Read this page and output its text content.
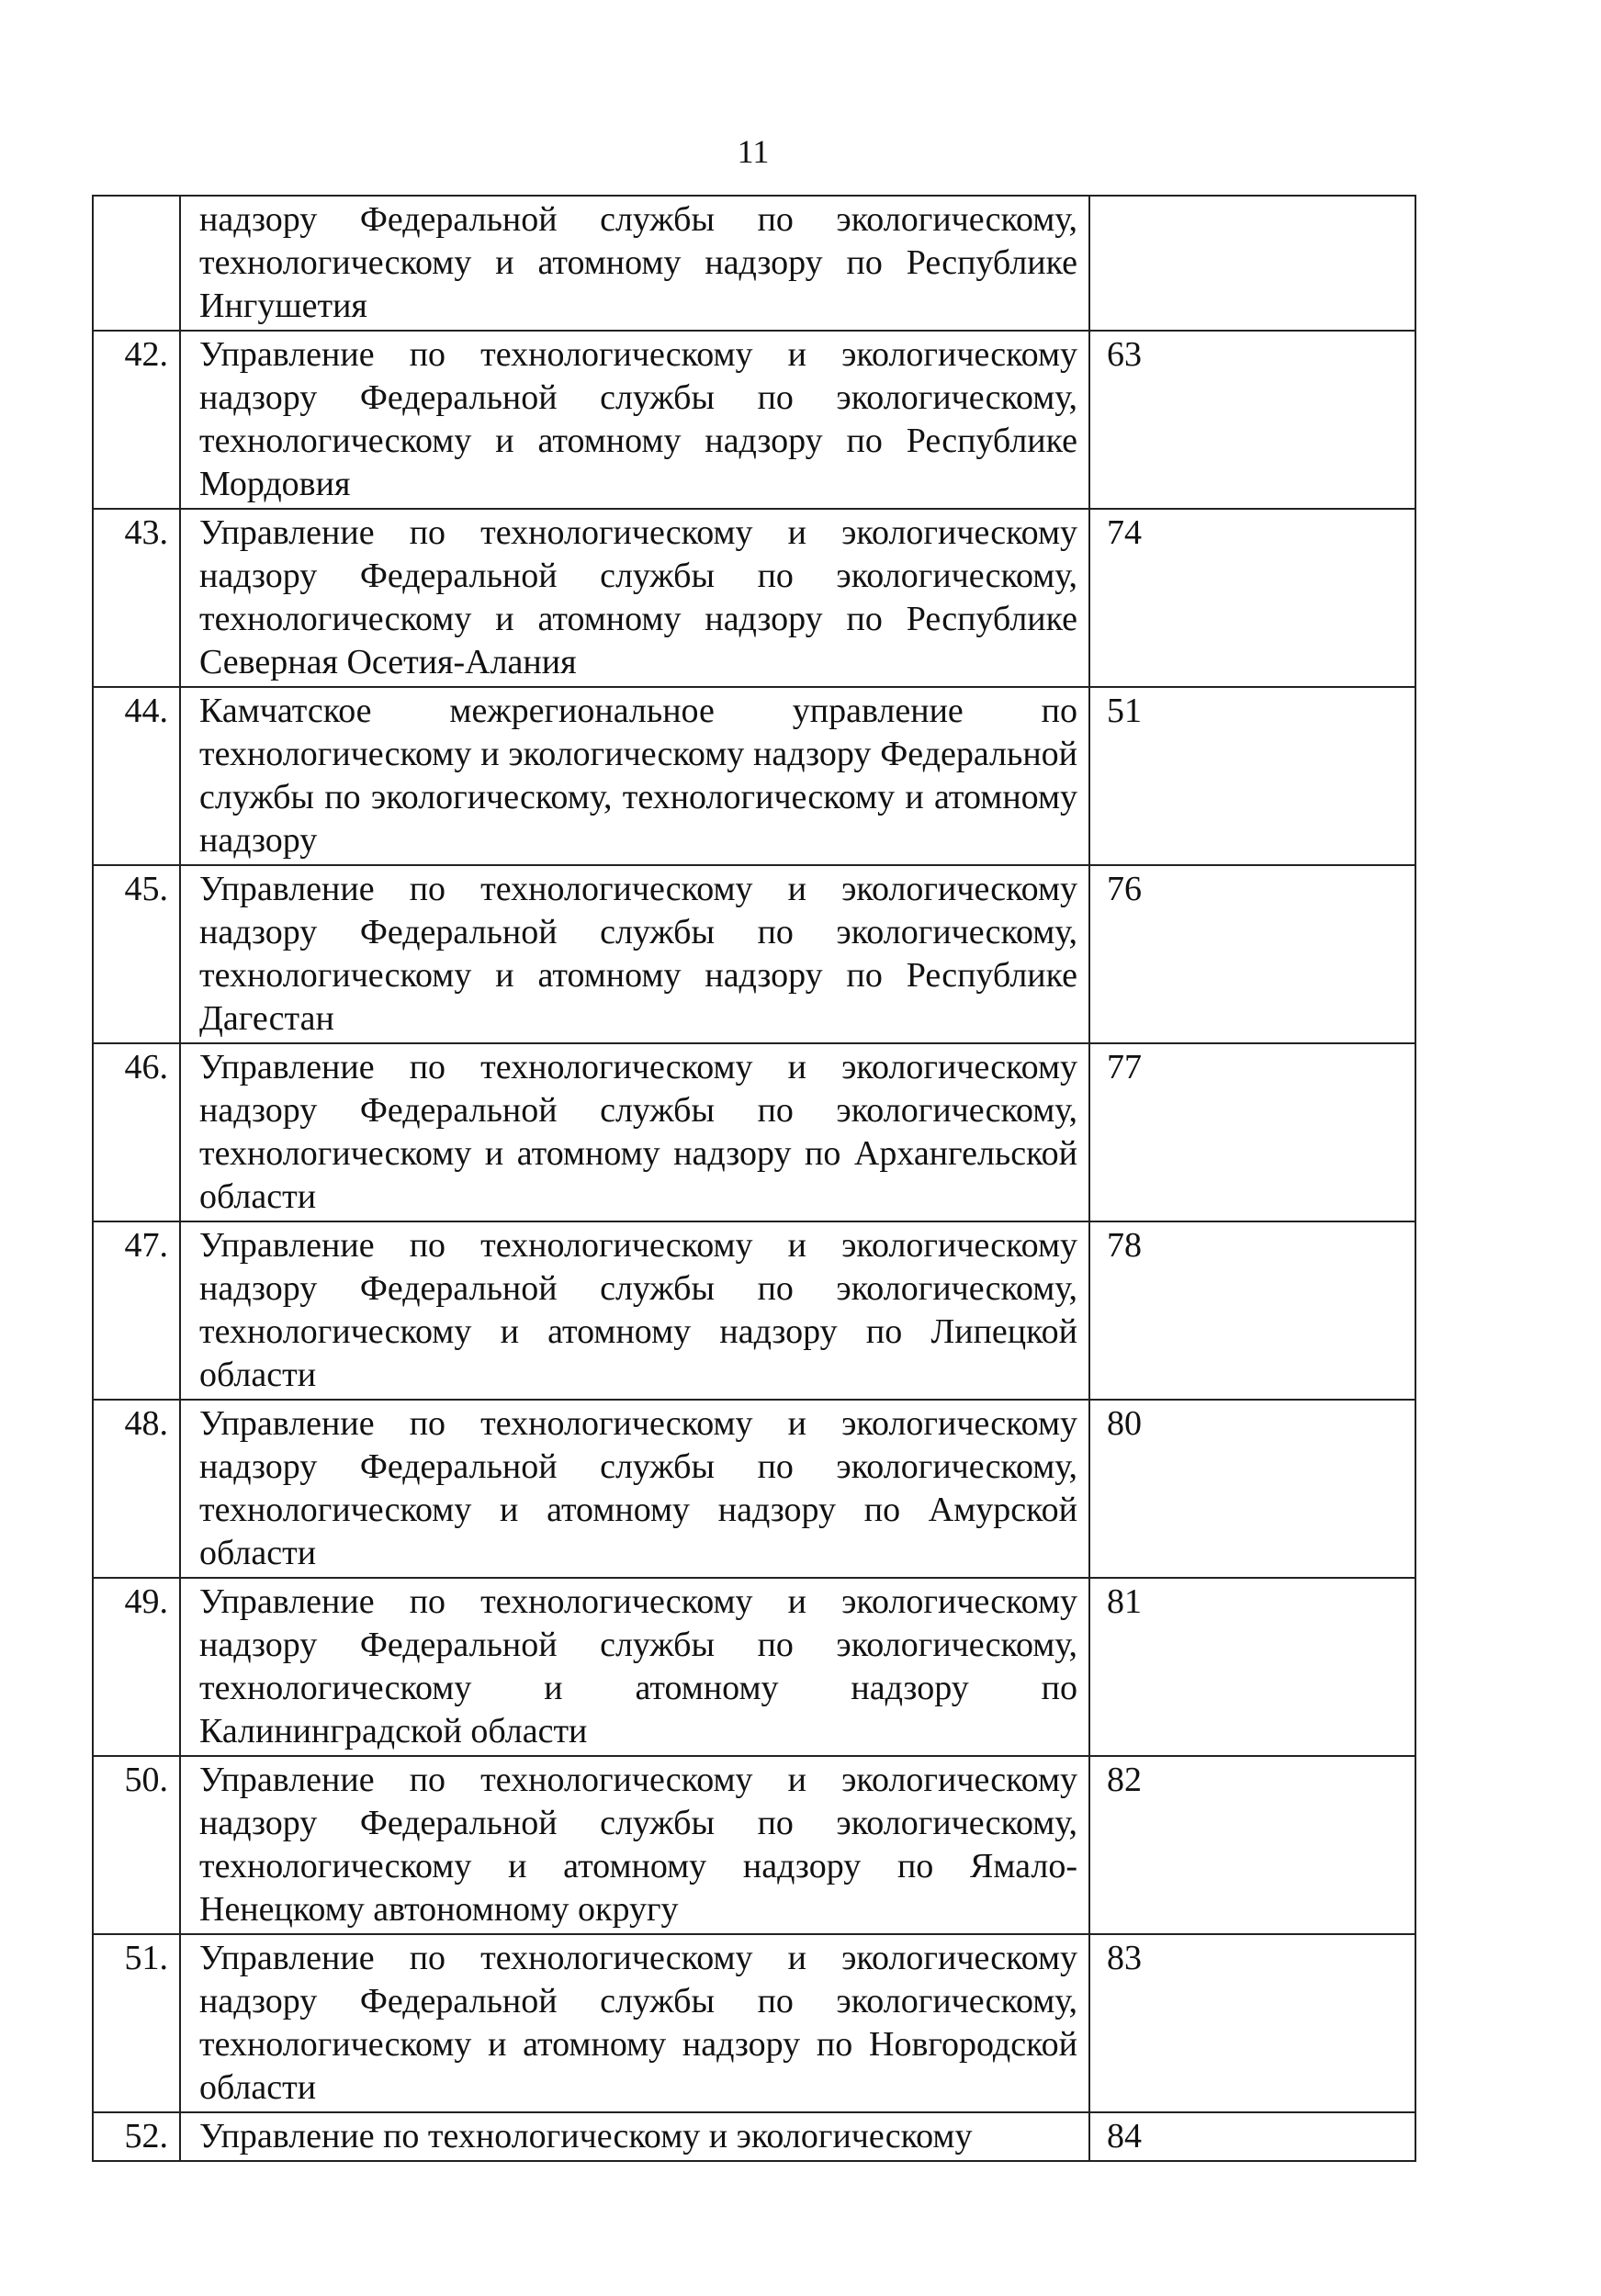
11
	надзору Федеральной службы по экологическому, технологическому и атомному надзору по Республике Ингушетия	
42.	Управление по технологическому и экологическому надзору Федеральной службы по экологическому, технологическому и атомному надзору по Республике Мордовия	63
43.	Управление по технологическому и экологическому надзору Федеральной службы по экологическому, технологическому и атомному надзору по Республике Северная Осетия-Алания	74
44.	Камчатское межрегиональное управление по технологическому и экологическому надзору Федеральной службы по экологическому, технологическому и атомному надзору	51
45.	Управление по технологическому и экологическому надзору Федеральной службы по экологическому, технологическому и атомному надзору по Республике Дагестан	76
46.	Управление по технологическому и экологическому надзору Федеральной службы по экологическому, технологическому и атомному надзору по Архангельской области	77
47.	Управление по технологическому и экологическому надзору Федеральной службы по экологическому, технологическому и атомному надзору по Липецкой области	78
48.	Управление по технологическому и экологическому надзору Федеральной службы по экологическому, технологическому и атомному надзору по Амурской области	80
49.	Управление по технологическому и экологическому надзору Федеральной службы по экологическому, технологическому и атомному надзору по Калининградской области	81
50.	Управление по технологическому и экологическому надзору Федеральной службы по экологическому, технологическому и атомному надзору по Ямало-Ненецкому автономному округу	82
51.	Управление по технологическому и экологическому надзору Федеральной службы по экологическому, технологическому и атомному надзору по Новгородской области	83
52.	Управление по технологическому и экологическому	84
